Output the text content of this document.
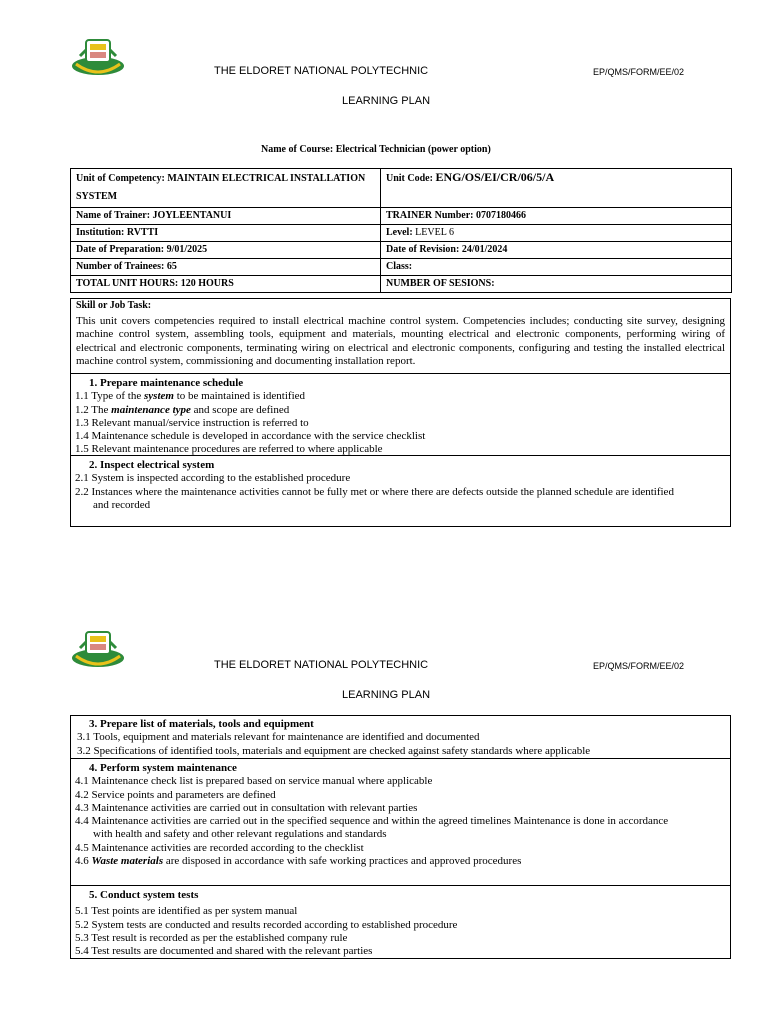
THE ELDORET NATIONAL POLYTECHNIC	EP/QMS/FORM/EE/02
LEARNING PLAN
Name of Course: Electrical Technician (power option)
Unit of Competency: MAINTAIN ELECTRICAL INSTALLATION SYSTEM	Unit Code: ENG/OS/EI/CR/06/5/A
Name of Trainer: JOYLEENTANUI	TRAINER Number: 0707180466
Institution: RVTTI	Level: LEVEL 6
Date of Preparation: 9/01/2025	Date of Revision: 24/01/2024
Number of Trainees: 65	Class:
TOTAL UNIT HOURS: 120 HOURS	NUMBER OF SESIONS:
Skill or Job Task:
This unit covers competencies required to install electrical machine control system. Competencies includes; conducting site survey, designing machine control system, assembling tools, equipment and materials, mounting electrical and electronic components, performing wiring of electrical and electronic components, terminating wiring on electrical and electronic components, configuring and testing the installed electrical machine control system, commissioning and documenting installation report.
1. Prepare maintenance schedule
1.1 Type of the system to be maintained is identified
1.2 The maintenance type and scope are defined
1.3 Relevant manual/service instruction is referred to
1.4 Maintenance schedule is developed in accordance with the service checklist
1.5 Relevant maintenance procedures are referred to where applicable
2. Inspect electrical system
2.1 System is inspected according to the established procedure
2.2 Instances where the maintenance activities cannot be fully met or where there are defects outside the planned schedule are identified
and recorded
THE ELDORET NATIONAL POLYTECHNIC	EP/QMS/FORM/EE/02
LEARNING PLAN
3. Prepare list of materials, tools and equipment
3.1 Tools, equipment and materials relevant for maintenance are identified and documented
3.2 Specifications of identified tools, materials and equipment are checked against safety standards where applicable
4. Perform system maintenance
4.1 Maintenance check list is prepared based on service manual where applicable
4.2 Service points and parameters are defined
4.3 Maintenance activities are carried out in consultation with relevant parties
4.4 Maintenance activities are carried out in the specified sequence and within the agreed timelines Maintenance is done in accordance
with health and safety and other relevant regulations and standards
4.5 Maintenance activities are recorded according to the checklist
4.6 Waste materials are disposed in accordance with safe working practices and approved procedures
5. Conduct system tests
5.1 Test points are identified as per system manual
5.2 System tests are conducted and results recorded according to established procedure
5.3 Test result is recorded as per the established company rule
5.4 Test results are documented and shared with the relevant parties
